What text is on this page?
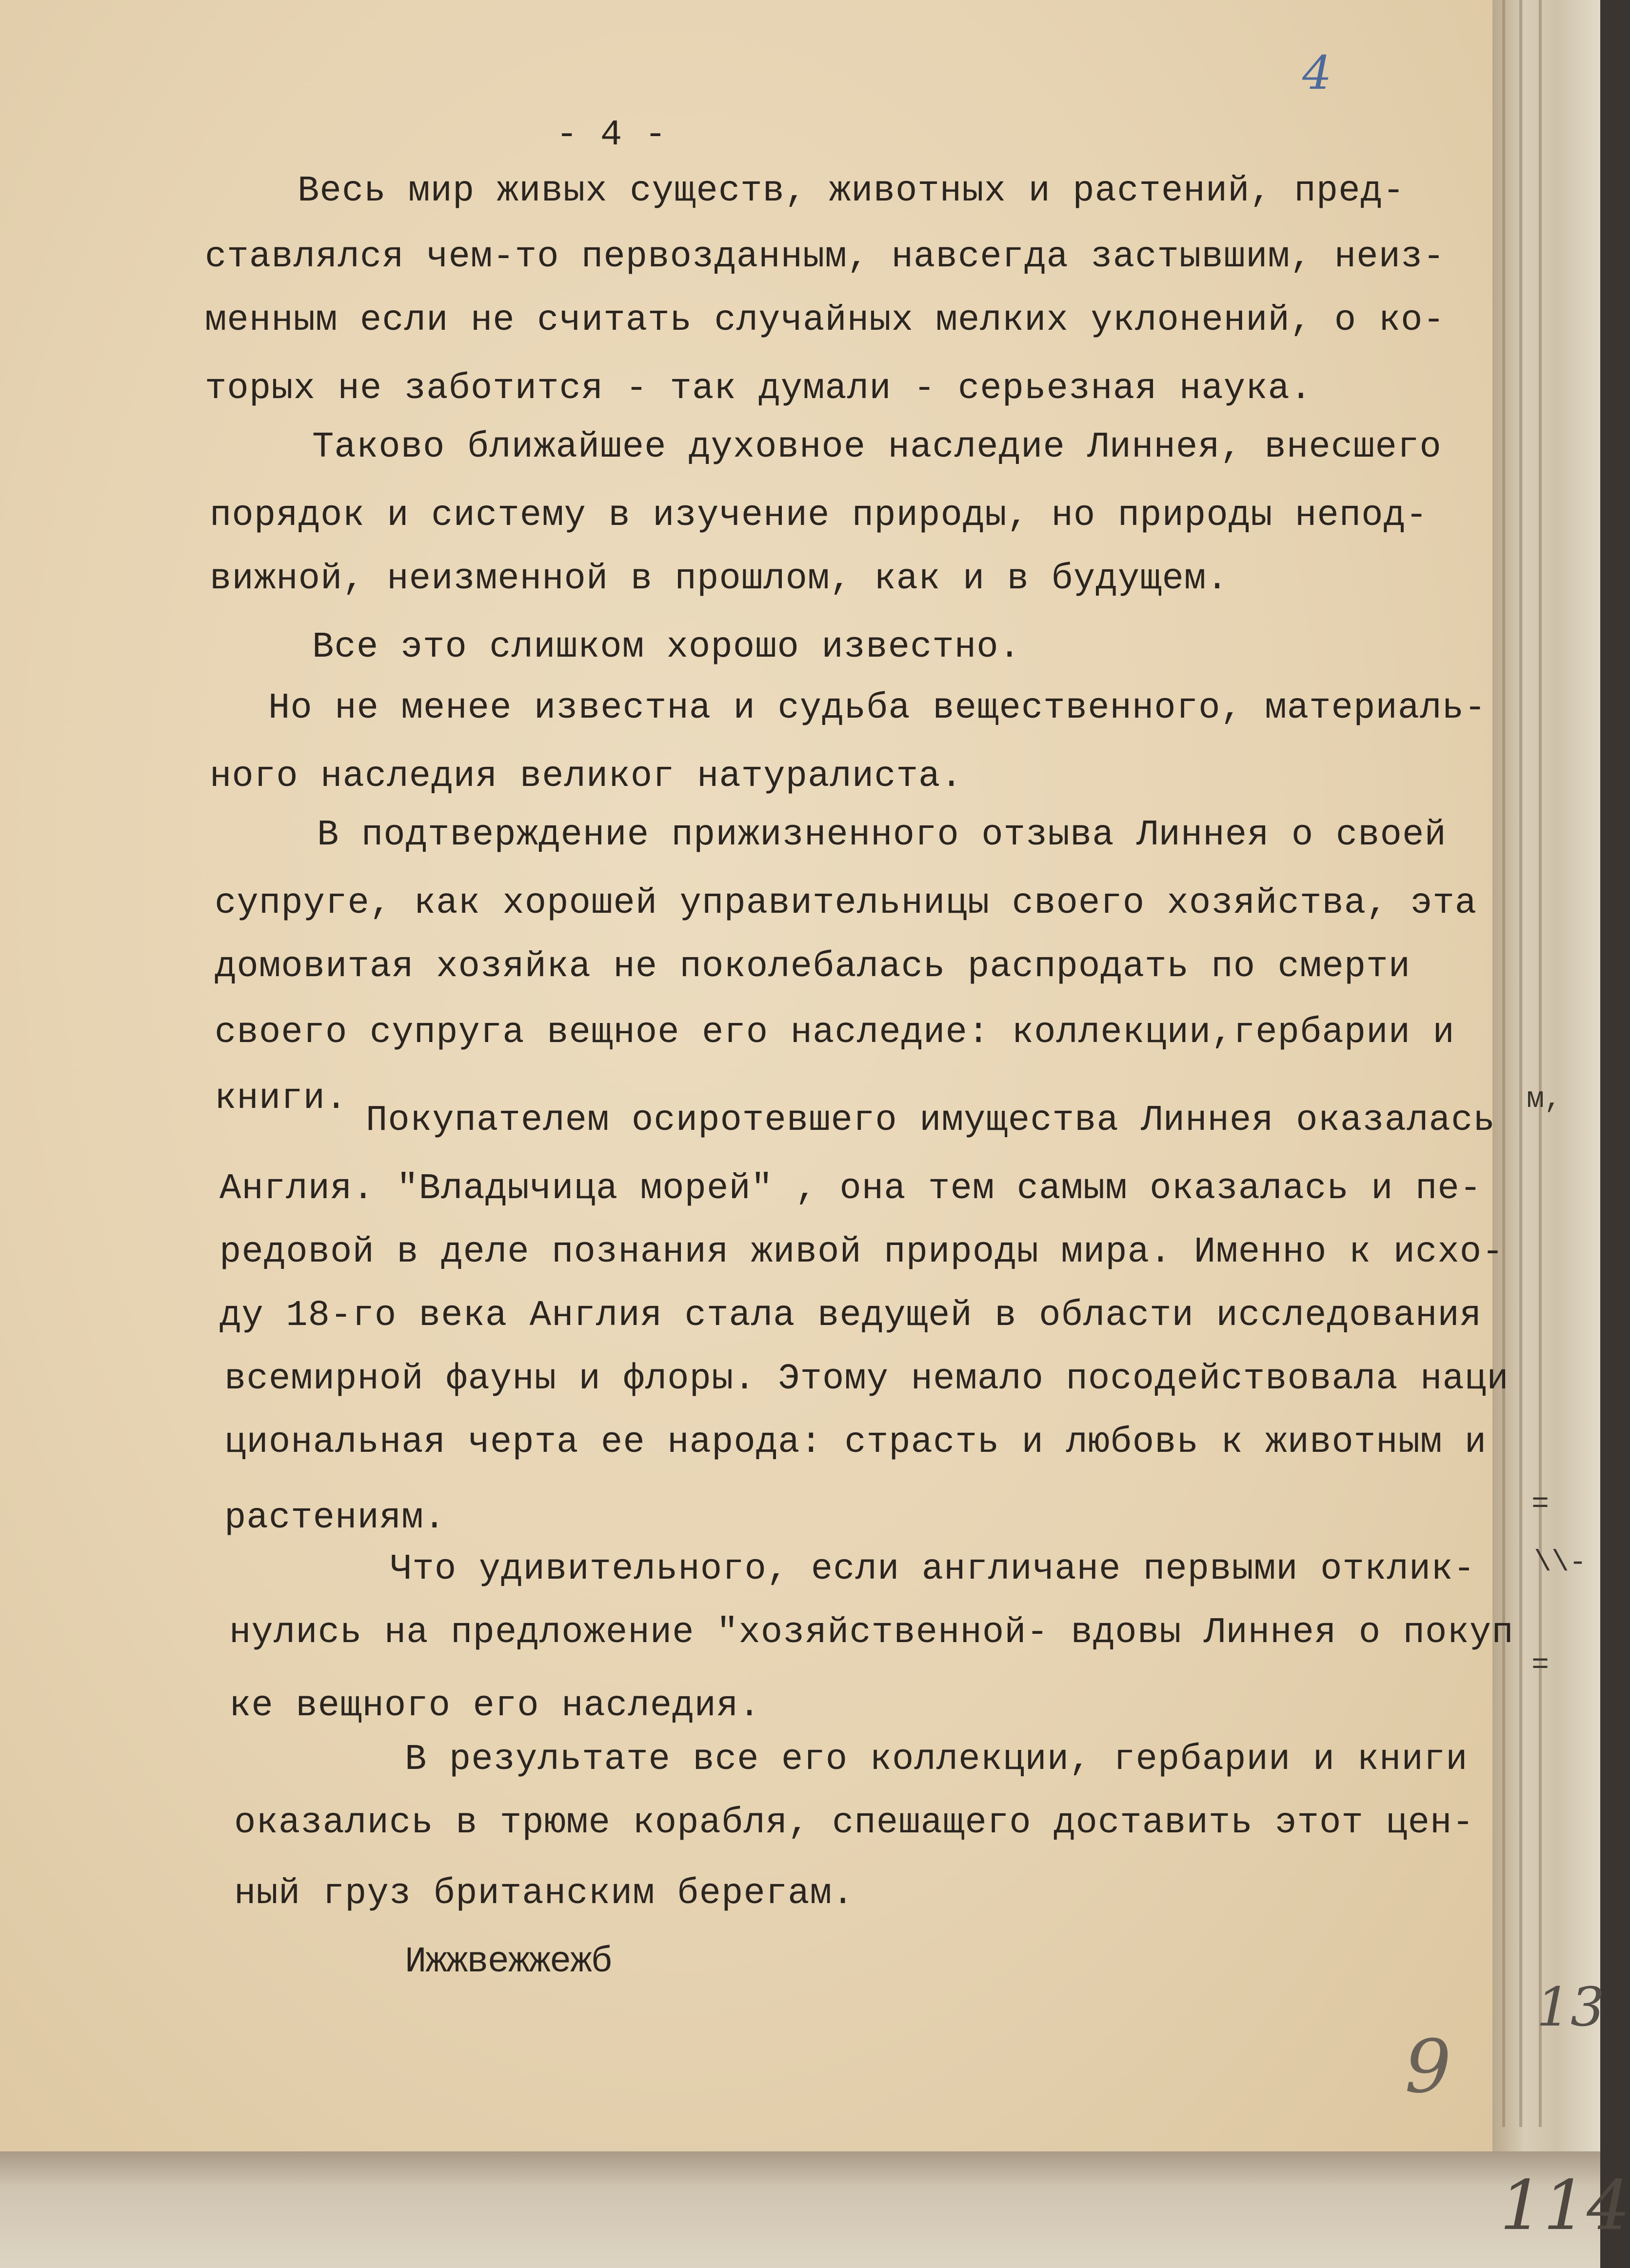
- 4 -
4
Весь мир живых существ, животных и растений, пред-
ставлялся чем-то первозданным, навсегда застывшим, неиз-
менным если не считать случайных мелких уклонений, о ко-
торых не заботится - так думали - серьезная наука.
Таково ближайшее духовное наследие Линнея, внесшего
порядок и систему в изучение природы, но природы непод-
вижной, неизменной в прошлом, как и в будущем.
Все это слишком хорошо известно.
Но не менее известна и судьба вещественного, материаль-
ного наследия великог натуралиста.
В подтверждение прижизненного отзыва Линнея о своей
супруге, как хорошей управительницы своего хозяйства, эта
домовитая хозяйка не поколебалась распродать по смерти
своего супруга вещное его наследие: коллекции,гербарии и
книги.
Покупателем осиротевшего имущества Линнея оказалась
Англия. "Владычица морей" , она тем самым оказалась и пе-
редовой в деле познания живой природы мира. Именно к исхо-
ду 18-го века Англия стала ведущей в области исследования
всемирной фауны и флоры. Этому немало посодействовала наци
циональная черта ее народа: страсть и любовь к животным и
растениям.
Что удивительного, если англичане первыми отклик-
нулись на предложение "хозяйственной- вдовы Линнея о покуп
ке вещного его наследия.
В результате все его коллекции, гербарии и книги
оказались в трюме корабля, спешащего доставить этот цен-
ный груз британским берегам.
Ижжвежжежб
м,
=
\\-
=
13
9
114
